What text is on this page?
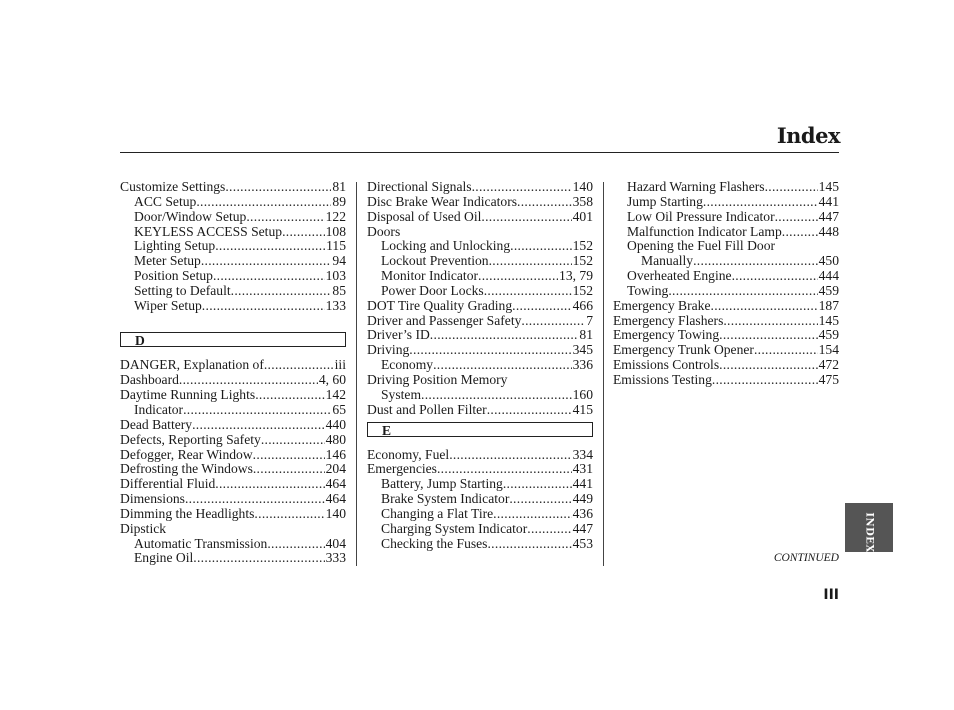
Index
Customize Settings .....	81
ACC Setup .....	89
Door/Window Setup .....	122
KEYLESS ACCESS Setup .....	108
Lighting Setup .....	115
Meter Setup .....	94
Position Setup .....	103
Setting to Default .....	85
Wiper Setup .....	133
D
DANGER, Explanation of .....	iii
Dashboard .....	4, 60
Daytime Running Lights .....	142
Indicator .....	65
Dead Battery .....	440
Defects, Reporting Safety .....	480
Defogger, Rear Window .....	146
Defrosting the Windows .....	204
Differential Fluid .....	464
Dimensions .....	464
Dimming the Headlights .....	140
Dipstick
Automatic Transmission .....	404
Engine Oil .....	333
Directional Signals .....	140
Disc Brake Wear Indicators .....	358
Disposal of Used Oil .....	401
Doors
Locking and Unlocking .....	152
Lockout Prevention .....	152
Monitor Indicator .....	13, 79
Power Door Locks .....	152
DOT Tire Quality Grading .....	466
Driver and Passenger Safety .....	7
Driver’s ID .....	81
Driving .....	345
Economy .....	336
Driving Position Memory
System .....	160
Dust and Pollen Filter .....	415
E
Economy, Fuel .....	334
Emergencies .....	431
Battery, Jump Starting .....	441
Brake System Indicator .....	449
Changing a Flat Tire .....	436
Charging System Indicator .....	447
Checking the Fuses .....	453
Hazard Warning Flashers .....	145
Jump Starting .....	441
Low Oil Pressure Indicator .....	447
Malfunction Indicator Lamp .....	448
Opening the Fuel Fill Door
Manually .....	450
Overheated Engine .....	444
Towing .....	459
Emergency Brake .....	187
Emergency Flashers .....	145
Emergency Towing .....	459
Emergency Trunk Opener .....	154
Emissions Controls .....	472
Emissions Testing .....	475
INDEX
CONTINUED
III
